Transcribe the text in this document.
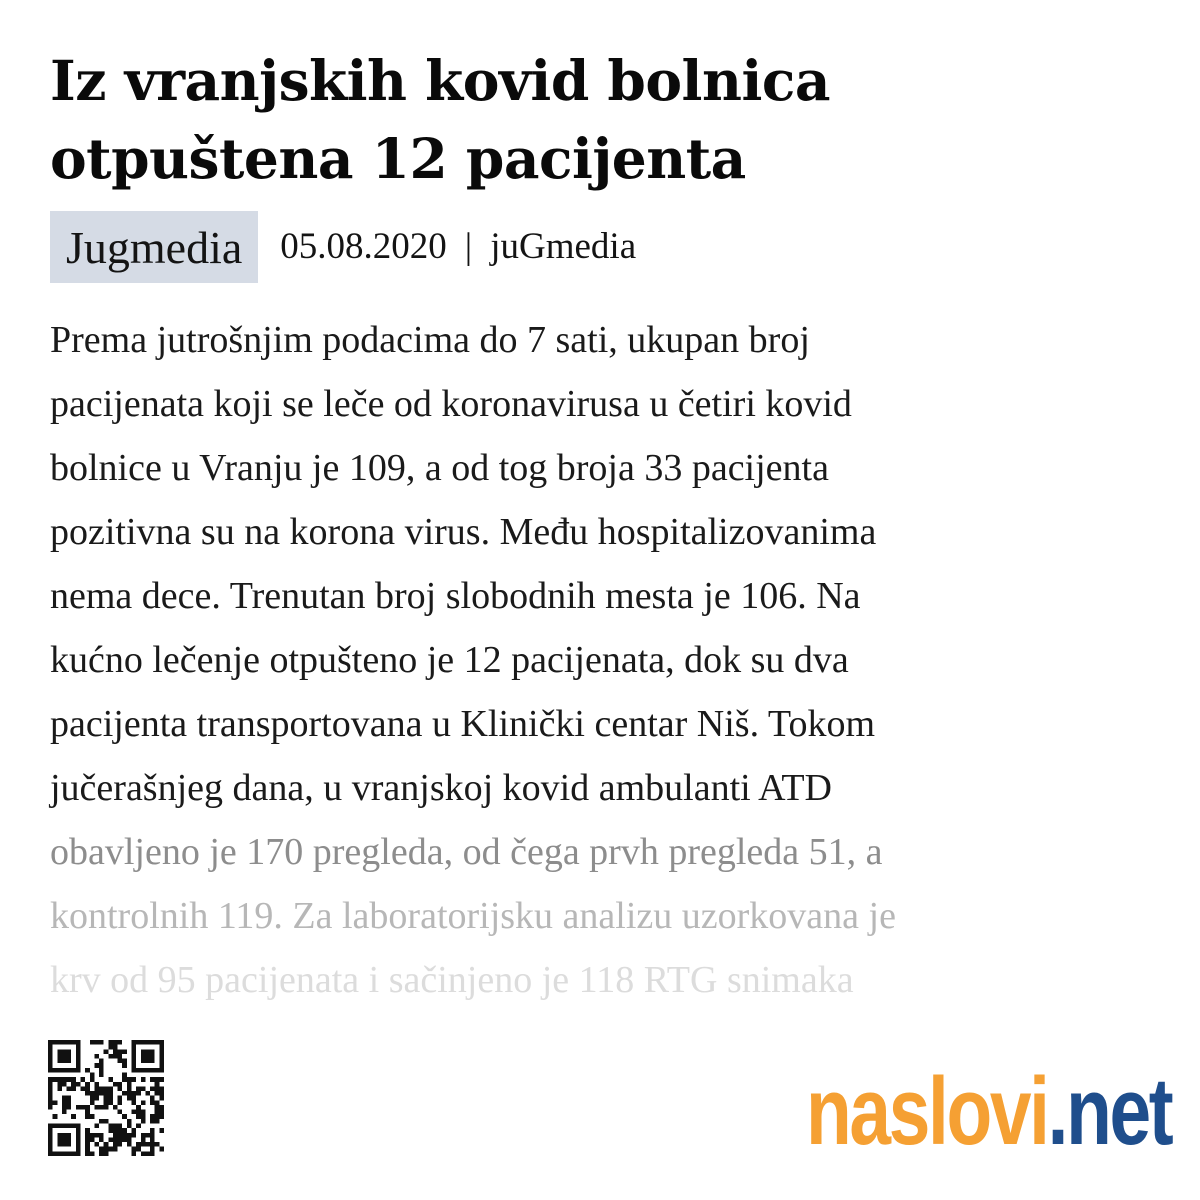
Iz vranjskih kovid bolnica
otpuštena 12 pacijenta
Jugmedia 05.08.2020 | juGmedia

Prema jutrošnjim podacima do 7 sati, ukupan broj
pacijenata koji se leče od koronavirusa u četiri kovid
bolnice u Vranju je 109, a od tog broja 33 pacijenta
pozitivna su na korona virus. Među hospitalizovanima
nema dece. Trenutan broj slobodnih mesta je 106. Na
kućno lečenje otpušteno je 12 pacijenata, dok su dva
pacijenta transportovana u Klinički centar Niš. Tokom
jučerašnjeg dana, u vranjskoj kovid ambulanti ATD
obavljeno je 170 pregleda, od čega prvh pregleda 51, a
kontrolnih 119. Za laboratorijsku analizu uzorkovana je
krv od 95 pacijenata i sačinjeno je 118 RTG snimaka

naslovi . net
